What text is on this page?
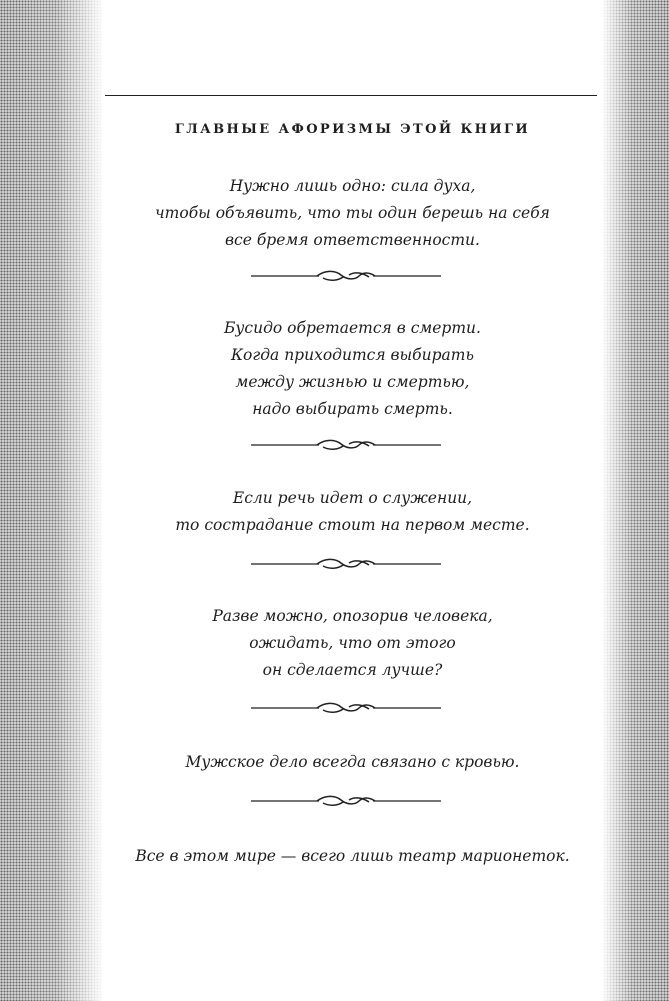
ГЛАВНЫЕ АФОРИЗМЫ ЭТОЙ КНИГИ
Нужно лишь одно: сила духа,
чтобы объявить, что ты один берешь на себя
все бремя ответственности.
Бусидо обретается в смерти.
Когда приходится выбирать
между жизнью и смертью,
надо выбирать смерть.
Если речь идет о служении,
то сострадание стоит на первом месте.
Разве можно, опозорив человека,
ожидать, что от этого
он сделается лучше?
Мужское дело всегда связано с кровью.
Все в этом мире — всего лишь театр марионеток.
